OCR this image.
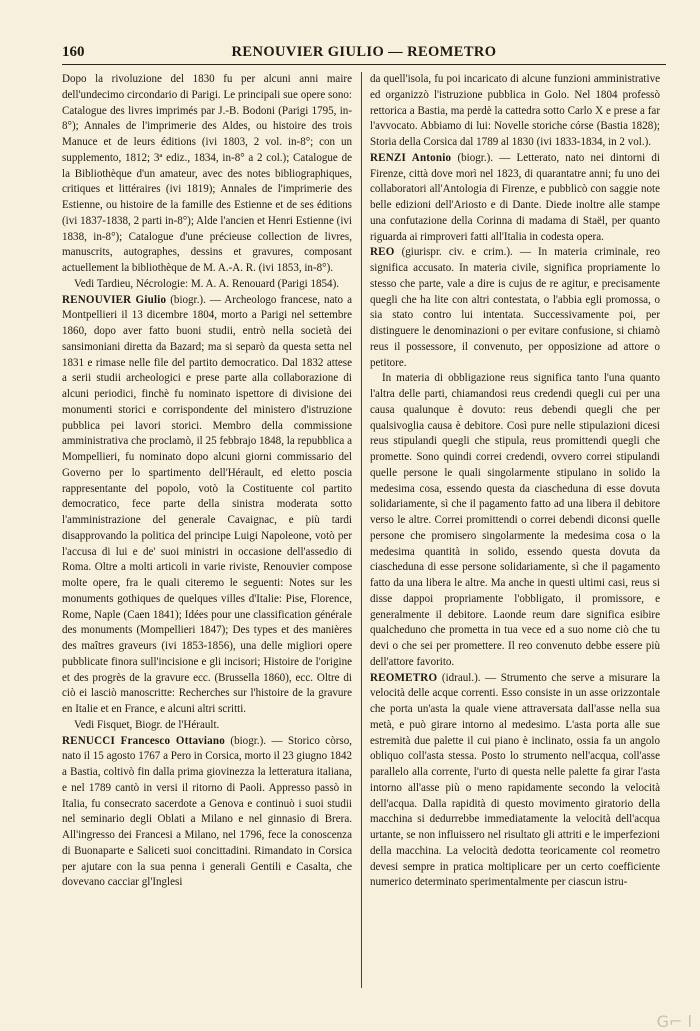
160	RENOUVIER GIULIO — REOMETRO

Dopo la rivoluzione del 1830 fu per alcuni anni maire dell'undecimo circondario di Parigi. Le principali sue opere sono: Catalogue des livres imprimés par J.-B. Bodoni (Parigi 1795, in-8°); Annales de l'imprimerie des Aldes, ou histoire des trois Manuce et de leurs éditions (ivi 1803, 2 vol. in-8°; con un supplemento, 1812; 3ª ediz., 1834, in-8° a 2 col.); Catalogue de la Bibliothèque d'un amateur, avec des notes bibliographiques, critiques et littéraires (ivi 1819); Annales de l'imprimerie des Estienne, ou histoire de la famille des Estienne et de ses éditions (ivi 1837-1838, 2 parti in-8°); Alde l'ancien et Henri Estienne (ivi 1838, in-8°); Catalogue d'une précieuse collection de livres, manuscrits, autographes, dessins et gravures, composant actuellement la bibliothèque de M. A.-A. R. (ivi 1853, in-8°).

Vedi Tardieu, Nécrologie: M. A. A. Renouard (Parigi 1854).

RENOUVIER Giulio (biogr.). — Archeologo francese, nato a Montpellieri il 13 dicembre 1804, morto a Parigi nel settembre 1860, dopo aver fatto buoni studii, entrò nella società dei sansimoniani diretta da Bazard; ma si separò da questa setta nel 1831 e rimase nelle file del partito democratico. Dal 1832 attese a serii studii archeologici e prese parte alla collaborazione di alcuni periodici, finchè fu nominato ispettore di divisione dei monumenti storici e corrispondente del ministero d'istruzione pubblica pei lavori storici. Membro della commissione amministrativa che proclamò, il 25 febbrajo 1848, la repubblica a Mompellieri, fu nominato dopo alcuni giorni commissario del Governo per lo spartimento dell'Hérault, ed eletto poscia rappresentante del popolo, votò la Costituente col partito democratico, fece parte della sinistra moderata sotto l'amministrazione del generale Cavaignac, e più tardi disapprovando la politica del principe Luigi Napoleone, votò per l'accusa di lui e de' suoi ministri in occasione dell'assedio di Roma. Oltre a molti articoli in varie riviste, Renouvier compose molte opere, fra le quali citeremo le seguenti: Notes sur les monuments gothiques de quelques villes d'Italie: Pise, Florence, Rome, Naple (Caen 1841); Idées pour une classification générale des monuments (Mompellieri 1847); Des types et des manières des maîtres graveurs (ivi 1853-1856), una delle migliori opere pubblicate finora sull'incisione e gli incisori; Histoire de l'origine et des progrès de la gravure ecc. (Brussella 1860), ecc. Oltre di ciò ei lasciò manoscritte: Recherches sur l'histoire de la gravure en Italie et en France, e alcuni altri scritti.

Vedi Fisquet, Biogr. de l'Hérault.

RENUCCI Francesco Ottaviano (biogr.). — Storico còrso, nato il 15 agosto 1767 a Pero in Corsica, morto il 23 giugno 1842 a Bastia, coltivò fin dalla prima giovinezza la letteratura italiana, e nel 1789 cantò in versi il ritorno di Paoli. Appresso passò in Italia, fu consecrato sacerdote a Genova e continuò i suoi studii nel seminario degli Oblati a Milano e nel ginnasio di Brera. All'ingresso dei Francesi a Milano, nel 1796, fece la conoscenza di Buonaparte e Saliceti suoi concittadini. Rimandato in Corsica per ajutare con la sua penna i generali Gentili e Casalta, che dovevano cacciar gl'Inglesi

da quell'isola, fu poi incaricato di alcune funzioni amministrative ed organizzò l'istruzione pubblica in Golo. Nel 1804 professò rettorica a Bastia, ma perdè la cattedra sotto Carlo X e prese a far l'avvocato. Abbiamo di lui: Novelle storiche córse (Bastia 1828); Storia della Corsica dal 1789 al 1830 (ivi 1833-1834, in 2 vol.).

RENZI Antonio (biogr.). — Letterato, nato nei dintorni di Firenze, città dove morì nel 1823, di quarantatre anni; fu uno dei collaboratori all'Antologia di Firenze, e pubblicò con saggie note belle edizioni dell'Ariosto e di Dante. Diede inoltre alle stampe una confutazione della Corinna di madama di Staël, per quanto riguarda ai rimproveri fatti all'Italia in codesta opera.

REO (giurispr. civ. e crim.). — In materia criminale, reo significa accusato. In materia civile, significa propriamente lo stesso che parte, vale a dire is cujus de re agitur, e precisamente quegli che ha lite con altri contestata, o l'abbia egli promossa, o sia stato contro lui intentata. Successivamente poi, per distinguere le denominazioni o per evitare confusione, si chiamò reus il possessore, il convenuto, per opposizione ad attore o petitore.

In materia di obbligazione reus significa tanto l'una quanto l'altra delle parti, chiamandosi reus credendi quegli cui per una causa qualunque è dovuto: reus debendi quegli che per qualsivoglia causa è debitore. Così pure nelle stipulazioni dicesi reus stipulandi quegli che stipula, reus promittendi quegli che promette. Sono quindi correi credendi, ovvero correi stipulandi quelle persone le quali singolarmente stipulano in solido la medesima cosa, essendo questa da ciascheduna di esse dovuta solidariamente, sì che il pagamento fatto ad una libera il debitore verso le altre. Correi promittendi o correi debendi diconsi quelle persone che promisero singolarmente la medesima cosa o la medesima quantità in solido, essendo questa dovuta da ciascheduna di esse persone solidariamente, sì che il pagamento fatto da una libera le altre. Ma anche in questi ultimi casi, reus si disse dappoi propriamente l'obbligato, il promissore, e generalmente il debitore. Laonde reum dare significa esibire qualcheduno che prometta in tua vece ed a suo nome ciò che tu devi o che sei per promettere. Il reo convenuto debbe essere più dell'attore favorito.

REOMETRO (idraul.). — Strumento che serve a misurare la velocità delle acque correnti. Esso consiste in un asse orizzontale che porta un'asta la quale viene attraversata dall'asse nella sua metà, e può girare intorno al medesimo. L'asta porta alle sue estremità due palette il cui piano è inclinato, ossia fa un angolo obliquo coll'asta stessa. Posto lo strumento nell'acqua, coll'asse parallelo alla corrente, l'urto di questa nelle palette fa girar l'asta intorno all'asse più o meno rapidamente secondo la velocità dell'acqua. Dalla rapidità di questo movimento giratorio della macchina si dedurrebbe immediatamente la velocità dell'acqua urtante, se non influissero nel risultato gli attriti e le imperfezioni della macchina. La velocità dedotta teoricamente col reometro devesi sempre in pratica moltiplicare per un certo coefficiente numerico determinato sperimentalmente per ciascun istru-

G⌐ l
